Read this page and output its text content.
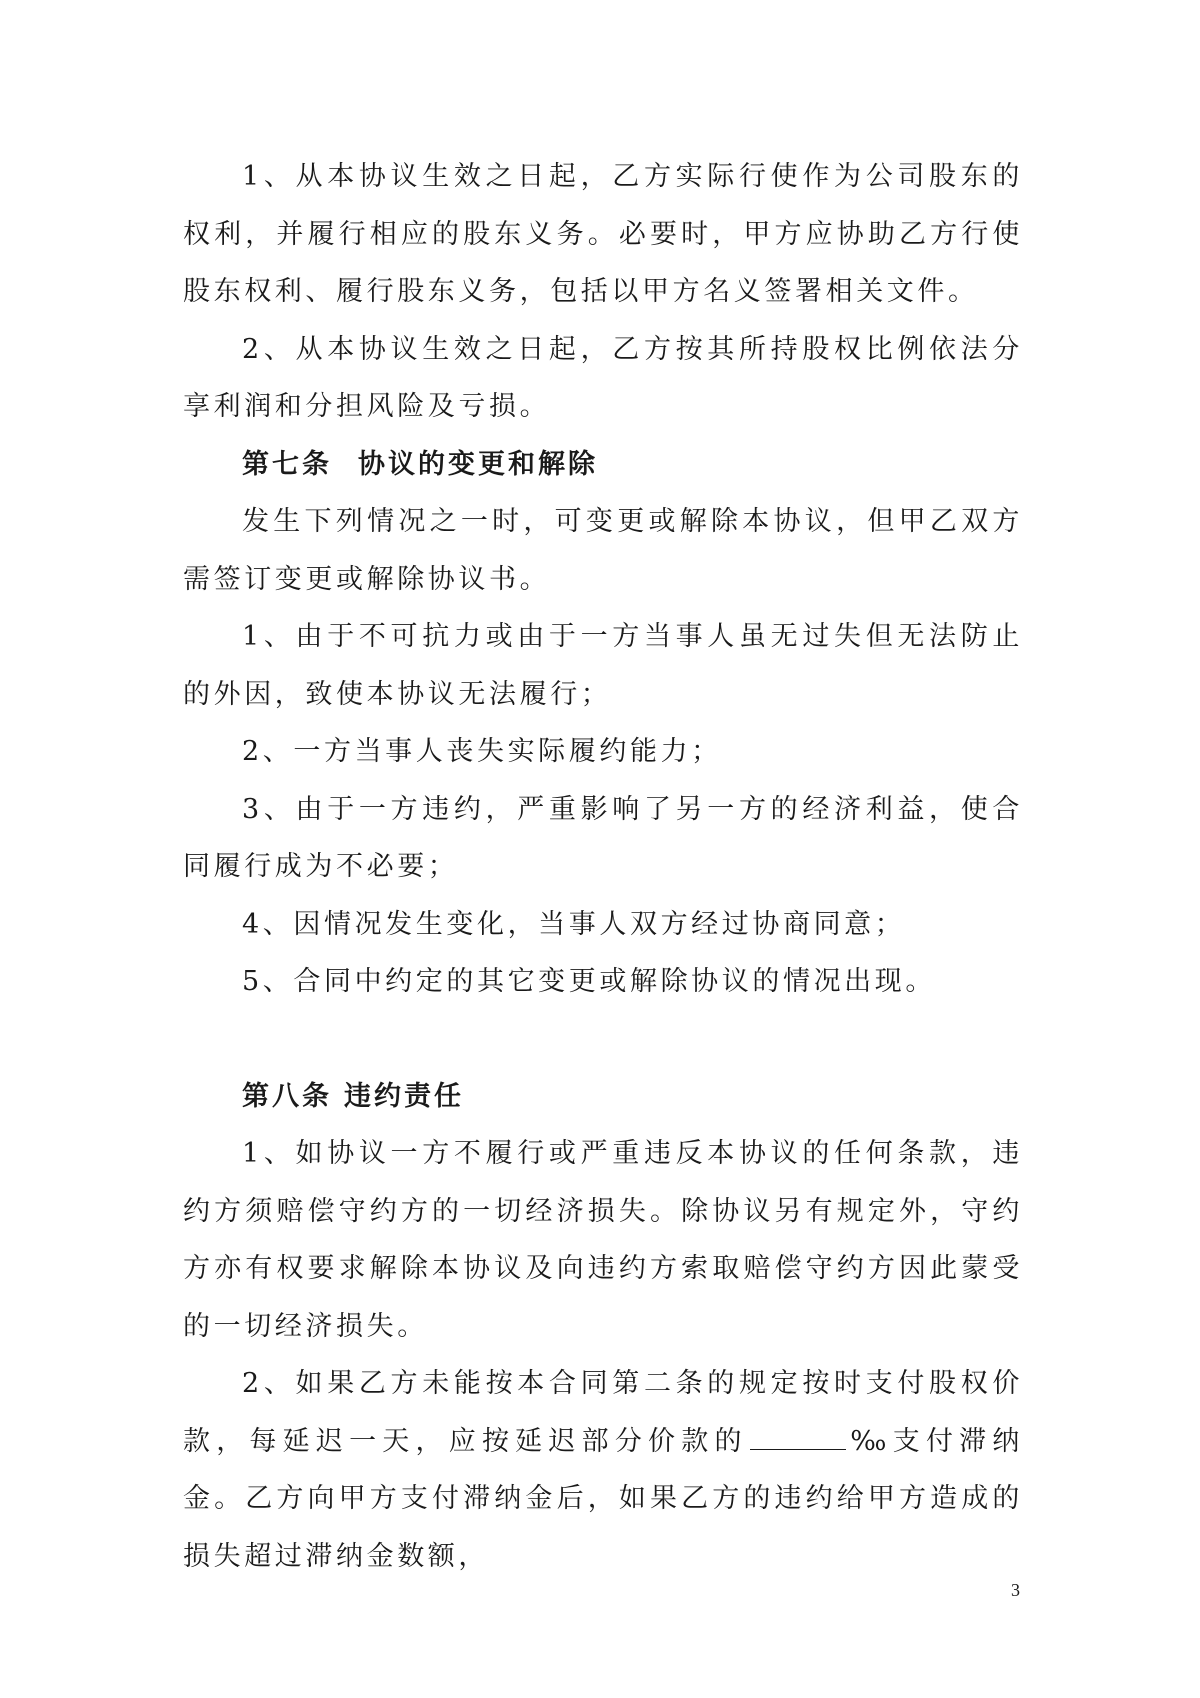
1、从本协议生效之日起，乙方实际行使作为公司股东的权利，并履行相应的股东义务。必要时，甲方应协助乙方行使股东权利、履行股东义务，包括以甲方名义签署相关文件。

2、从本协议生效之日起，乙方按其所持股权比例依法分享利润和分担风险及亏损。

第七条 协议的变更和解除

发生下列情况之一时，可变更或解除本协议，但甲乙双方需签订变更或解除协议书。

1、由于不可抗力或由于一方当事人虽无过失但无法防止的外因，致使本协议无法履行；

2、一方当事人丧失实际履约能力；

3、由于一方违约，严重影响了另一方的经济利益，使合同履行成为不必要；

4、因情况发生变化，当事人双方经过协商同意；

5、合同中约定的其它变更或解除协议的情况出现。

第八条 违约责任

1、如协议一方不履行或严重违反本协议的任何条款，违约方须赔偿守约方的一切经济损失。除协议另有规定外，守约方亦有权要求解除本协议及向违约方索取赔偿守约方因此蒙受的一切经济损失。

2、如果乙方未能按本合同第二条的规定按时支付股权价款，每延迟一天，应按延迟部分价款的	‰支付滞纳金。乙方向甲方支付滞纳金后，如果乙方的违约给甲方造成的损失超过滞纳金数额，

3
